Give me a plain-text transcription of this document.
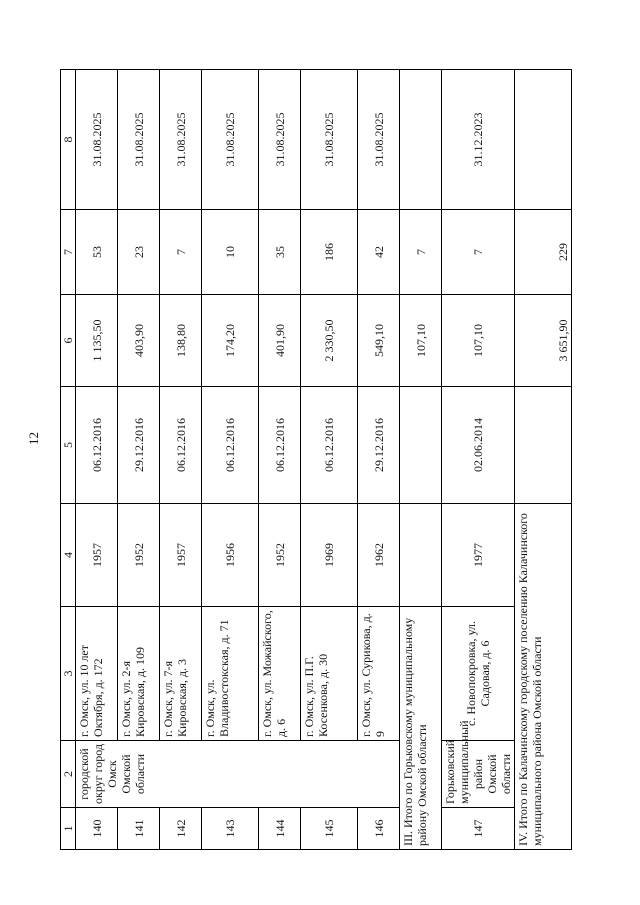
12
1	2	3	4	5	6	7	8
140	городской округ город Омск Омской области	г. Омск, ул. 10 лет Октября, д. 172	1957	06.12.2016	1 135,50	53	31.08.2025
141		г. Омск, ул. 2-я Кировская, д. 109	1952	29.12.2016	403,90	23	31.08.2025
142		г. Омск, ул. 7-я Кировская, д. 3	1957	06.12.2016	138,80	7	31.08.2025
143		г. Омск, ул. Владивостокская, д. 71	1956	06.12.2016	174,20	10	31.08.2025
144		г. Омск, ул. Можайского, д. 6	1952	06.12.2016	401,90	35	31.08.2025
145		г. Омск, ул. П.Г. Косенкова, д. 30	1969	06.12.2016	2 330,50	186	31.08.2025
146		г. Омск, ул. Сурикова, д. 9	1962	29.12.2016	549,10	42	31.08.2025
III. Итого по Горьковскому муниципальному району Омской области					107,10	7	
147	Горьковский муниципальный район Омской области	с. Новопокровка, ул. Садовая, д. 6	1977	02.06.2014	107,10	7	31.12.2023
IV. Итого по Калачинскому городскому поселению Калачинского муниципального района Омской области					3 651,90	229	
